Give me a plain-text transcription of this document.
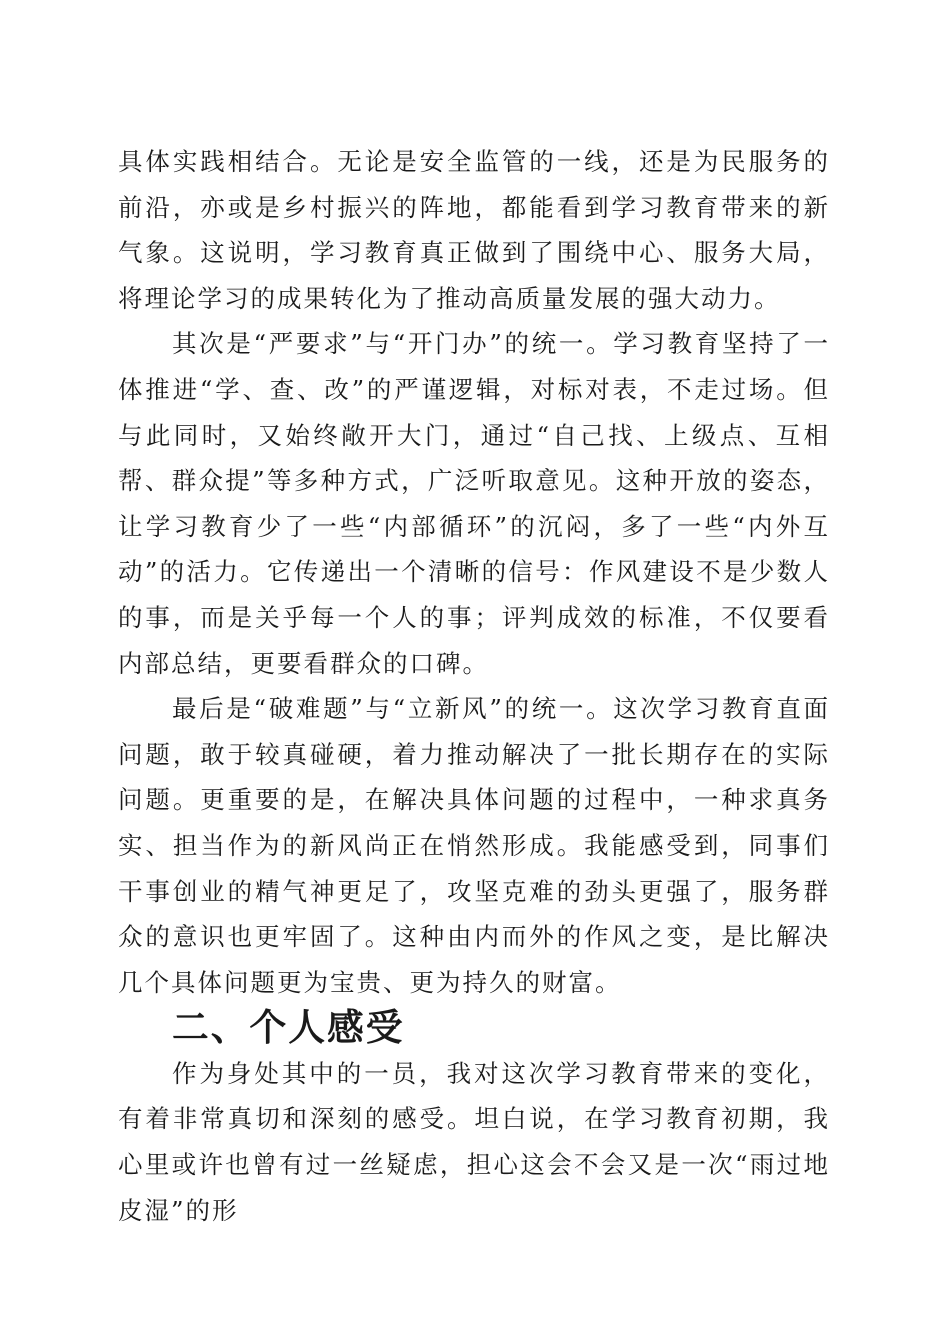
具体实践相结合。无论是安全监管的一线，还是为民服务的前沿，亦或是乡村振兴的阵地，都能看到学习教育带来的新气象。这说明，学习教育真正做到了围绕中心、服务大局，将理论学习的成果转化为了推动高质量发展的强大动力。

其次是“严要求”与“开门办”的统一。学习教育坚持了一体推进“学、查、改”的严谨逻辑，对标对表，不走过场。但与此同时，又始终敞开大门，通过“自己找、上级点、互相帮、群众提”等多种方式，广泛听取意见。这种开放的姿态，让学习教育少了一些“内部循环”的沉闷，多了一些“内外互动”的活力。它传递出一个清晰的信号：作风建设不是少数人的事，而是关乎每一个人的事；评判成效的标准，不仅要看内部总结，更要看群众的口碑。

最后是“破难题”与“立新风”的统一。这次学习教育直面问题，敢于较真碰硬，着力推动解决了一批长期存在的实际问题。更重要的是，在解决具体问题的过程中，一种求真务实、担当作为的新风尚正在悄然形成。我能感受到，同事们干事创业的精气神更足了，攻坚克难的劲头更强了，服务群众的意识也更牢固了。这种由内而外的作风之变，是比解决几个具体问题更为宝贵、更为持久的财富。

二、个人感受

作为身处其中的一员，我对这次学习教育带来的变化，有着非常真切和深刻的感受。坦白说，在学习教育初期，我心里或许也曾有过一丝疑虑，担心这会不会又是一次“雨过地皮湿”的形
